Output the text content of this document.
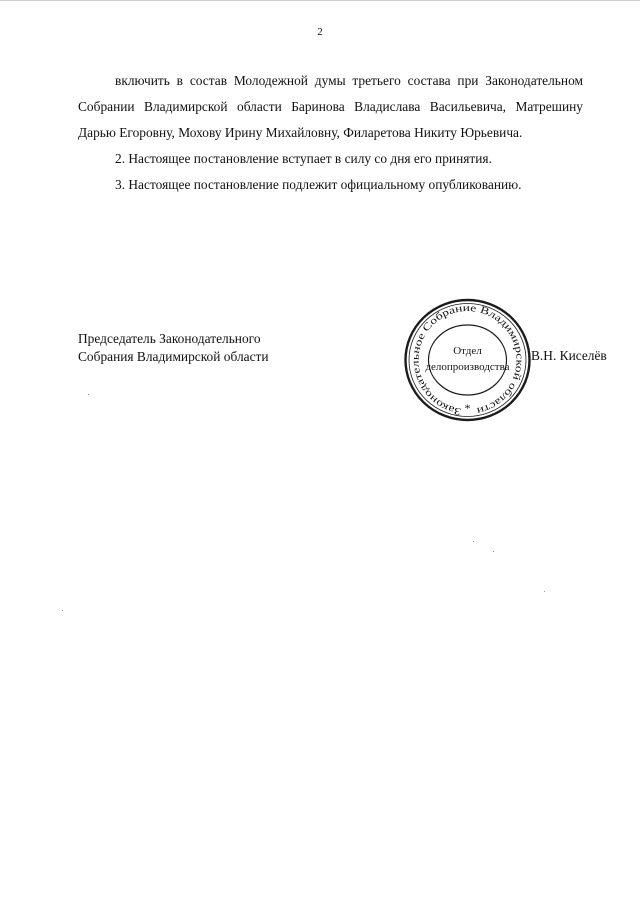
2

включить в состав Молодежной думы третьего состава при Законодательном Собрании Владимирской области Баринова Владислава Васильевича, Матрешину Дарью Егоровну, Мохову Ирину Михайловну, Филаретова Никиту Юрьевича.

2. Настоящее постановление вступает в силу со дня его принятия.

3. Настоящее постановление подлежит официальному опубликованию.

Председатель Законодательного
Собрания Владимирской области	В.Н. Киселёв
Законодательное Собрание Владимирской области
Отдел
делопроизводства
*
